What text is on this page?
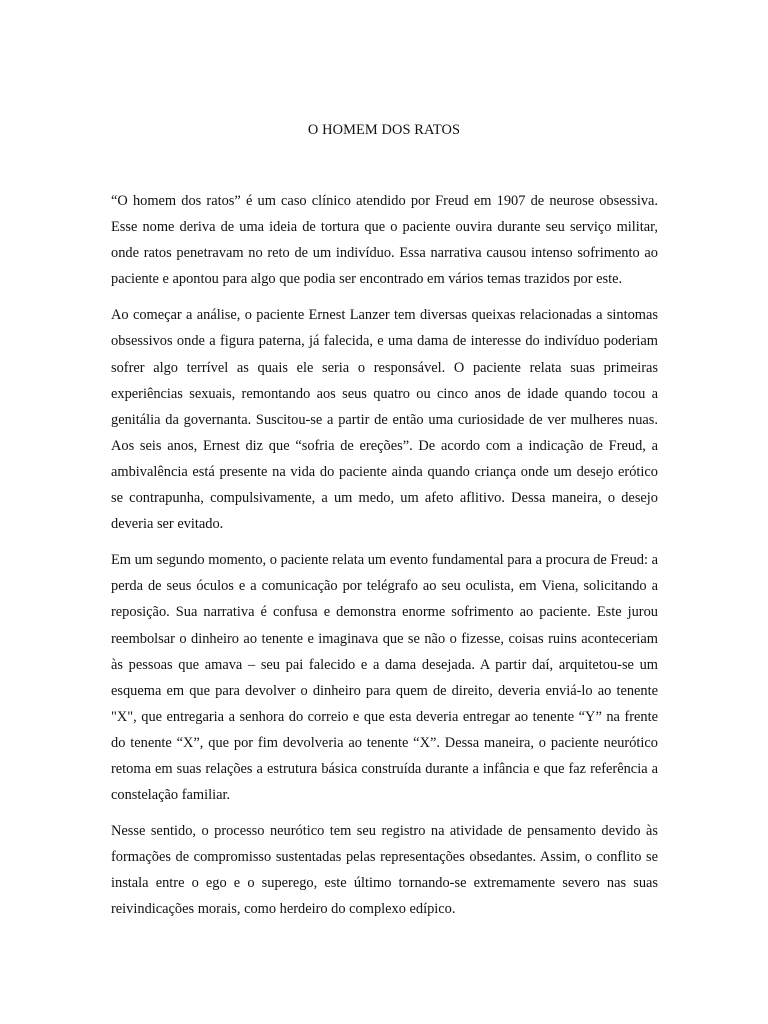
O HOMEM DOS RATOS

“O homem dos ratos” é um caso clínico atendido por Freud em 1907 de neurose obsessiva. Esse nome deriva de uma ideia de tortura que o paciente ouvira durante seu serviço militar, onde ratos penetravam no reto de um indivíduo. Essa narrativa causou intenso sofrimento ao paciente e apontou para algo que podia ser encontrado em vários temas trazidos por este.

Ao começar a análise, o paciente Ernest Lanzer tem diversas queixas relacionadas a sintomas obsessivos onde a figura paterna, já falecida, e uma dama de interesse do indivíduo poderiam sofrer algo terrível as quais ele seria o responsável. O paciente relata suas primeiras experiências sexuais, remontando aos seus quatro ou cinco anos de idade quando tocou a genitália da governanta. Suscitou-se a partir de então uma curiosidade de ver mulheres nuas. Aos seis anos, Ernest diz que “sofria de ereções”. De acordo com a indicação de Freud, a ambivalência está presente na vida do paciente ainda quando criança onde um desejo erótico se contrapunha, compulsivamente, a um medo, um afeto aflitivo. Dessa maneira, o desejo deveria ser evitado.

Em um segundo momento, o paciente relata um evento fundamental para a procura de Freud: a perda de seus óculos e a comunicação por telégrafo ao seu oculista, em Viena, solicitando a reposição. Sua narrativa é confusa e demonstra enorme sofrimento ao paciente. Este jurou reembolsar o dinheiro ao tenente e imaginava que se não o fizesse, coisas ruins aconteceriam às pessoas que amava – seu pai falecido e a dama desejada. A partir daí, arquitetou-se um esquema em que para devolver o dinheiro para quem de direito, deveria enviá-lo ao tenente "X", que entregaria a senhora do correio e que esta deveria entregar ao tenente “Y” na frente do tenente “X”, que por fim devolveria ao tenente “X”. Dessa maneira, o paciente neurótico retoma em suas relações a estrutura básica construída durante a infância e que faz referência a constelação familiar.

Nesse sentido, o processo neurótico tem seu registro na atividade de pensamento devido às formações de compromisso sustentadas pelas representações obsedantes. Assim, o conflito se instala entre o ego e o superego, este último tornando-se extremamente severo nas suas reivindicações morais, como herdeiro do complexo edípico.
